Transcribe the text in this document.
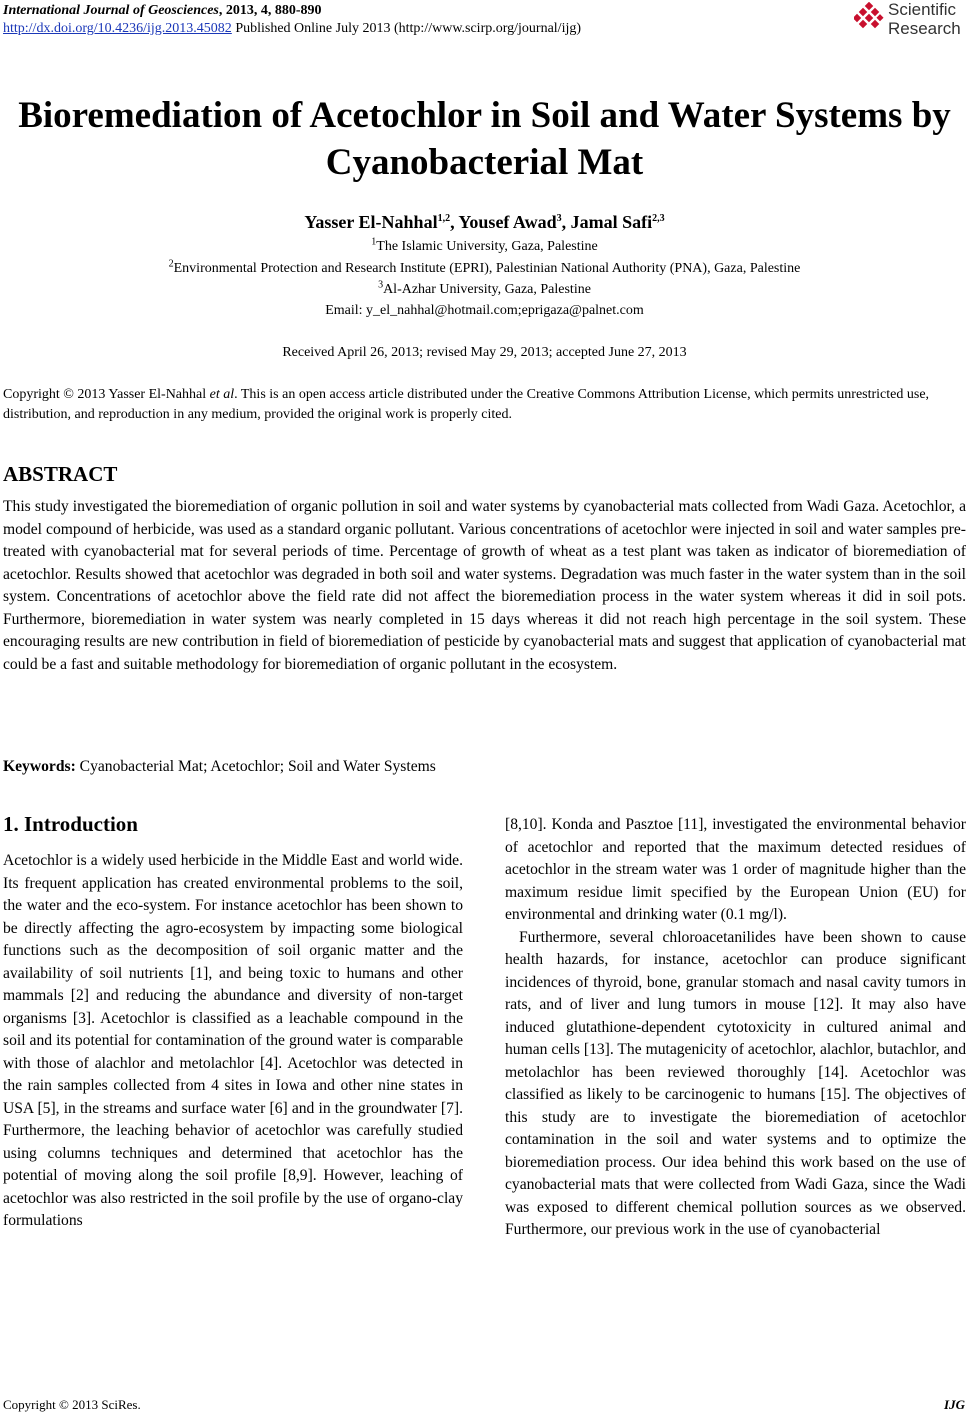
International Journal of Geosciences, 2013, 4, 880-890
http://dx.doi.org/10.4236/ijg.2013.45082 Published Online July 2013 (http://www.scirp.org/journal/ijg)
Scientific
Research
Bioremediation of Acetochlor in Soil and Water Systems by
Cyanobacterial Mat
Yasser El-Nahhal$^{1,2}$, Yousef Awad$^3$, Jamal Safi$^{2,3}$
$^1$The Islamic University, Gaza, Palestine
$^2$Environmental Protection and Research Institute (EPRI), Palestinian National Authority (PNA), Gaza, Palestine
$^3$Al-Azhar University, Gaza, Palestine
Email: y_el_nahhal@hotmail.com;eprigaza@palnet.com
Received April 26, 2013; revised May 29, 2013; accepted June 27, 2013
Copyright © 2013 Yasser El-Nahhal et al. This is an open access article distributed under the Creative Commons Attribution License, which permits unrestricted use, distribution, and reproduction in any medium, provided the original work is properly cited.
ABSTRACT
This study investigated the bioremediation of organic pollution in soil and water systems by cyanobacterial mats collected from Wadi Gaza. Acetochlor, a model compound of herbicide, was used as a standard organic pollutant. Various concentrations of acetochlor were injected in soil and water samples pre-treated with cyanobacterial mat for several periods of time. Percentage of growth of wheat as a test plant was taken as indicator of bioremediation of acetochlor. Results showed that acetochlor was degraded in both soil and water systems. Degradation was much faster in the water system than in the soil system. Concentrations of acetochlor above the field rate did not affect the bioremediation process in the water system whereas it did in soil pots. Furthermore, bioremediation in water system was nearly completed in 15 days whereas it did not reach high percentage in the soil system. These encouraging results are new contribution in field of bioremediation of pesticide by cyanobacterial mats and suggest that application of cyanobacterial mat could be a fast and suitable methodology for bioremediation of organic pollutant in the ecosystem.
Keywords: Cyanobacterial Mat; Acetochlor; Soil and Water Systems
1. Introduction

Acetochlor is a widely used herbicide in the Middle East and world wide. Its frequent application has created environmental problems to the soil, the water and the eco-system. For instance acetochlor has been shown to be directly affecting the agro-ecosystem by impacting some biological functions such as the decomposition of soil organic matter and the availability of soil nutrients [1], and being toxic to humans and other mammals [2] and reducing the abundance and diversity of non-target organisms [3]. Acetochlor is classified as a leachable compound in the soil and its potential for contamination of the ground water is comparable with those of alachlor and metolachlor [4]. Acetochlor was detected in the rain samples collected from 4 sites in Iowa and other nine states in USA [5], in the streams and surface water [6] and in the groundwater [7]. Furthermore, the leaching behavior of acetochlor was carefully studied using columns techniques and determined that acetochlor has the potential of moving along the soil profile [8,9]. However, leaching of acetochlor was also restricted in the soil profile by the use of organo-clay formulations

[8,10]. Konda and Pasztoe [11], investigated the environmental behavior of acetochlor and reported that the maximum detected residues of acetochlor in the stream water was 1 order of magnitude higher than the maximum residue limit specified by the European Union (EU) for environmental and drinking water (0.1 mg/l).

Furthermore, several chloroacetanilides have been shown to cause health hazards, for instance, acetochlor can produce significant incidences of thyroid, bone, granular stomach and nasal cavity tumors in rats, and of liver and lung tumors in mouse [12]. It may also have induced glutathione-dependent cytotoxicity in cultured animal and human cells [13]. The mutagenicity of acetochlor, alachlor, butachlor, and metolachlor has been reviewed thoroughly [14]. Acetochlor was classified as likely to be carcinogenic to humans [15]. The objectives of this study are to investigate the bioremediation of acetochlor contamination in the soil and water systems and to optimize the bioremediation process. Our idea behind this work based on the use of cyanobacterial mats that were collected from Wadi Gaza, since the Wadi was exposed to different chemical pollution sources as we observed. Furthermore, our previous work in the use of cyanobacterial

Copyright © 2013 SciRes.	IJG
